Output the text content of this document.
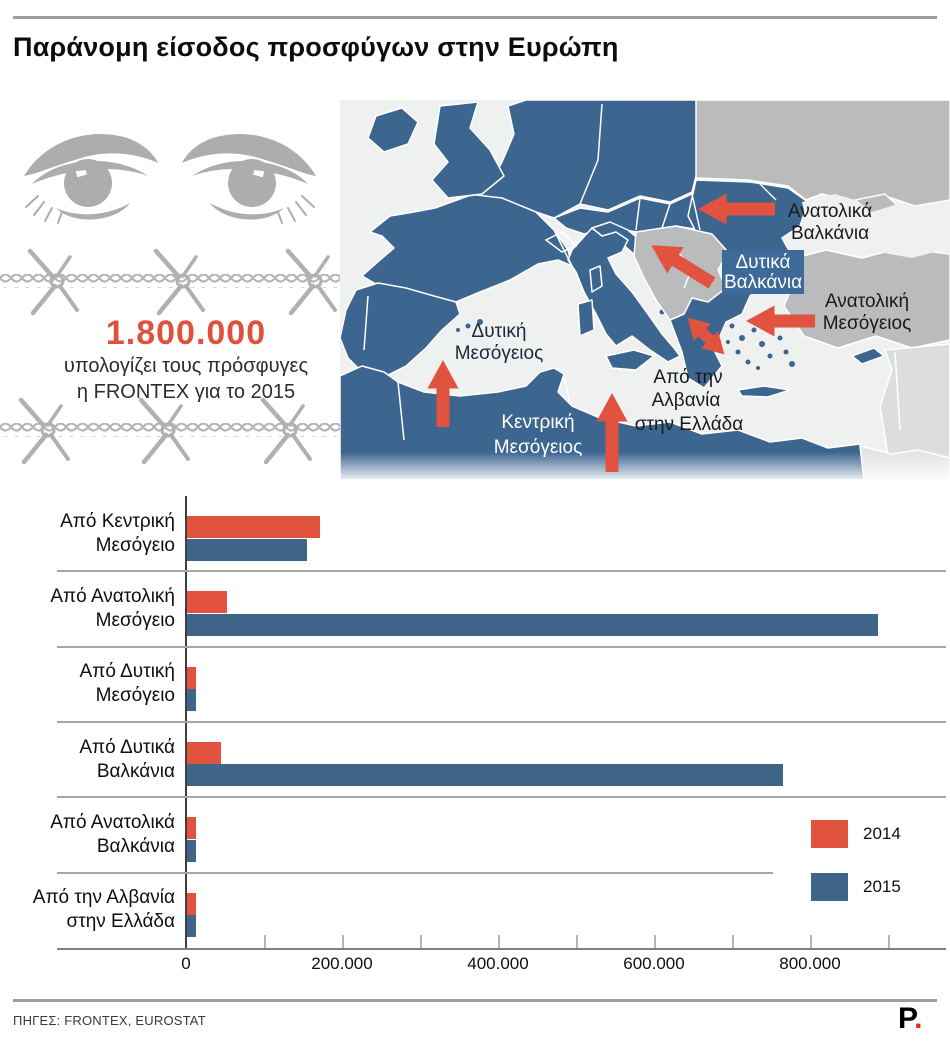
Παράνομη είσοδος προσφύγων στην Ευρώπη
1.800.000
υπολογίζει τους πρόσφυγες
η FRONTEX για το 2015
Ανατολικά
Βαλκάνια
Δυτικά
Βαλκάνια
Ανατολική
Μεσόγειος
Από την
Αλβανία
στην Ελλάδα
Δυτική
Μεσόγειος
Κεντρική
Μεσόγειος
Από Κεντρική
Μεσόγειο
Από Ανατολική
Μεσόγειο
Από Δυτική
Μεσόγειο
Από Δυτικά
Βαλκάνια
Από Ανατολικά
Βαλκάνια
Από την Αλβανία
στην Ελλάδα
0	200.000	400.000	600.000	800.000
2014
2015
ΠΗΓΕΣ: FRONTEX, EUROSTAT	P.
